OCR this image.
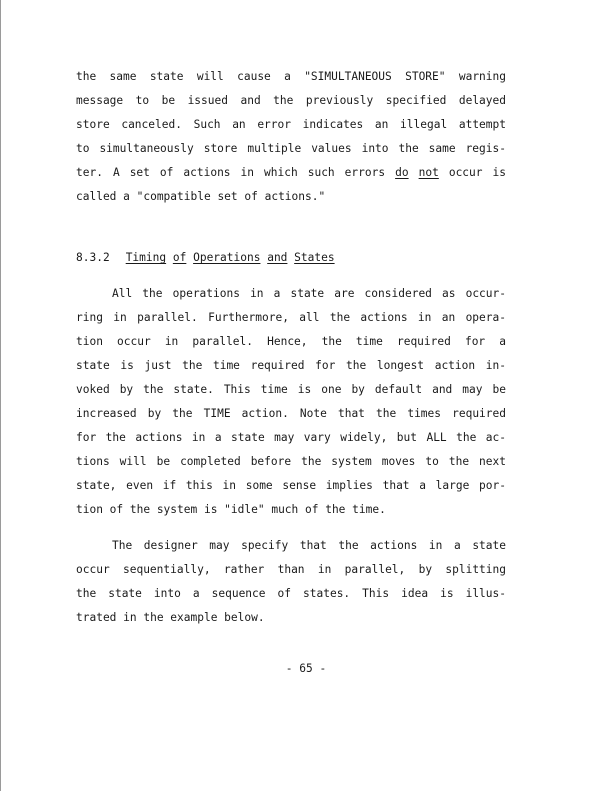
the same state will cause a "SIMULTANEOUS STORE" warning
message to be issued and the previously specified delayed
store canceled. Such an error indicates an illegal attempt
to simultaneously store multiple values into the same regis-
ter. A set of actions in which such errors do not occur is
called a "compatible set of actions."
8.3.2 Timing of Operations and States
All the operations in a state are considered as occur-
ring in parallel. Furthermore, all the actions in an opera-
tion occur in parallel. Hence, the time required for a
state is just the time required for the longest action in-
voked by the state. This time is one by default and may be
increased by the TIME action. Note that the times required
for the actions in a state may vary widely, but ALL the ac-
tions will be completed before the system moves to the next
state, even if this in some sense implies that a large por-
tion of the system is "idle" much of the time.
The designer may specify that the actions in a state
occur sequentially, rather than in parallel, by splitting
the state into a sequence of states. This idea is illus-
trated in the example below.
- 65 -
